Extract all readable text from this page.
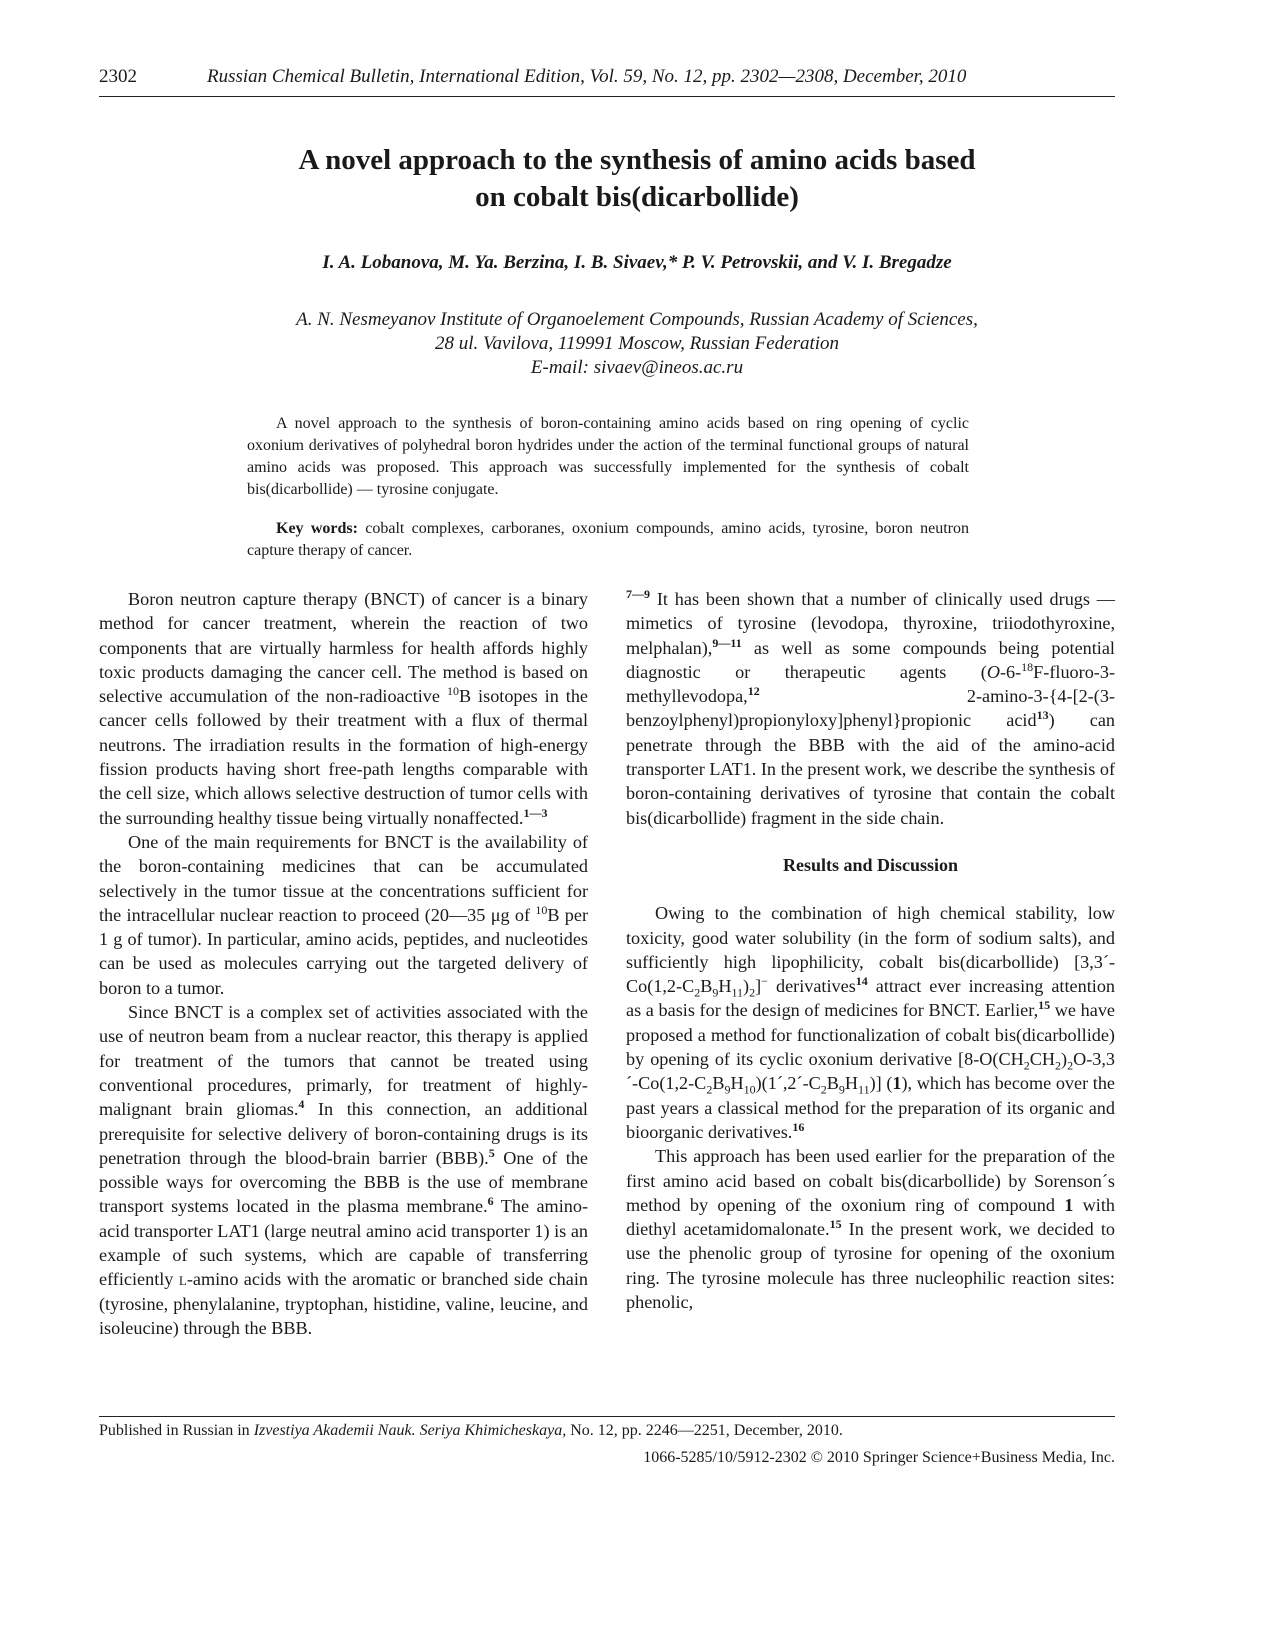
2302	Russian Chemical Bulletin, International Edition, Vol. 59, No. 12, pp. 2302—2308, December, 2010
A novel approach to the synthesis of amino acids based
on cobalt bis(dicarbollide)
I. A. Lobanova, M. Ya. Berzina, I. B. Sivaev,* P. V. Petrovskii, and V. I. Bregadze
A. N. Nesmeyanov Institute of Organoelement Compounds, Russian Academy of Sciences,
28 ul. Vavilova, 119991 Moscow, Russian Federation
E-mail: sivaev@ineos.ac.ru

A novel approach to the synthesis of boron-containing amino acids based on ring opening of cyclic oxonium derivatives of polyhedral boron hydrides under the action of the terminal functional groups of natural amino acids was proposed. This approach was successfully implemented for the synthesis of cobalt bis(dicarbollide) — tyrosine conjugate.

Key words: cobalt complexes, carboranes, oxonium compounds, amino acids, tyrosine, boron neutron capture therapy of cancer.

Boron neutron capture therapy (BNCT) of cancer is a binary method for cancer treatment, wherein the reaction of two components that are virtually harmless for health affords highly toxic products damaging the cancer cell. The method is based on selective accumulation of the non-radioactive $^{10}$B isotopes in the cancer cells followed by their treatment with a flux of thermal neutrons. The irradiation results in the formation of high-energy fission products having short free-path lengths comparable with the cell size, which allows selective destruction of tumor cells with the surrounding healthy tissue being virtually nonaffected.$^{1—3}$

One of the main requirements for BNCT is the availability of the boron-containing medicines that can be accumulated selectively in the tumor tissue at the concentrations sufficient for the intracellular nuclear reaction to proceed (20—35 μg of $^{10}$B per 1 g of tumor). In particular, amino acids, peptides, and nucleotides can be used as molecules carrying out the targeted delivery of boron to a tumor.

Since BNCT is a complex set of activities associated with the use of neutron beam from a nuclear reactor, this therapy is applied for treatment of the tumors that cannot be treated using conventional procedures, primarly, for treatment of highly-malignant brain gliomas.$^4$ In this connection, an additional prerequisite for selective delivery of boron-containing drugs is its penetration through the blood-brain barrier (BBB).$^5$ One of the possible ways for overcoming the BBB is the use of membrane transport systems located in the plasma membrane.$^6$ The amino-acid transporter LAT1 (large neutral amino acid transporter 1) is an example of such systems, which are capable of transferring efficiently l-amino acids with the aromatic or branched side chain (tyrosine, phenylalanine, tryptophan, histidine, valine, leucine, and isoleucine) through the BBB.

$^{7—9}$ It has been shown that a number of clinically used drugs — mimetics of tyrosine (levodopa, thyroxine, triiodothyroxine, melphalan),$^{9—11}$ as well as some compounds being potential diagnostic or therapeutic agents (O-6-$^{18}$F-fluoro-3-methyllevodopa,$^{12}$ 2-amino-3-{4-[2-(3-benzoylphenyl)propionyloxy]phenyl}propionic acid$^{13}$) can penetrate through the BBB with the aid of the amino-acid transporter LAT1. In the present work, we describe the synthesis of boron-containing derivatives of tyrosine that contain the cobalt bis(dicarbollide) fragment in the side chain.

Results and Discussion

Owing to the combination of high chemical stability, low toxicity, good water solubility (in the form of sodium salts), and sufficiently high lipophilicity, cobalt bis(dicarbollide) $[3,3´-Co(1,2-C_2B_9H_{11})_2]^-$ derivatives$^{14}$ attract ever increasing attention as a basis for the design of medicines for BNCT. Earlier,$^{15}$ we have proposed a method for functionalization of cobalt bis(dicarbollide) by opening of its cyclic oxonium derivative $[8-O(CH_2CH_2)_2O-3,3´-Co(1,2-C_2B_9H_{10})(1´,2´-C_2B_9H_{11})]$ (1), which has become over the past years a classical method for the preparation of its organic and bioorganic derivatives.$^{16}$

This approach has been used earlier for the preparation of the first amino acid based on cobalt bis(dicarbollide) by Sorenson´s method by opening of the oxonium ring of compound 1 with diethyl acetamidomalonate.$^{15}$ In the present work, we decided to use the phenolic group of tyrosine for opening of the oxonium ring. The tyrosine molecule has three nucleophilic reaction sites: phenolic,

Published in Russian in Izvestiya Akademii Nauk. Seriya Khimicheskaya, No. 12, pp. 2246—2251, December, 2010.
1066-5285/10/5912-2302 © 2010 Springer Science+Business Media, Inc.
